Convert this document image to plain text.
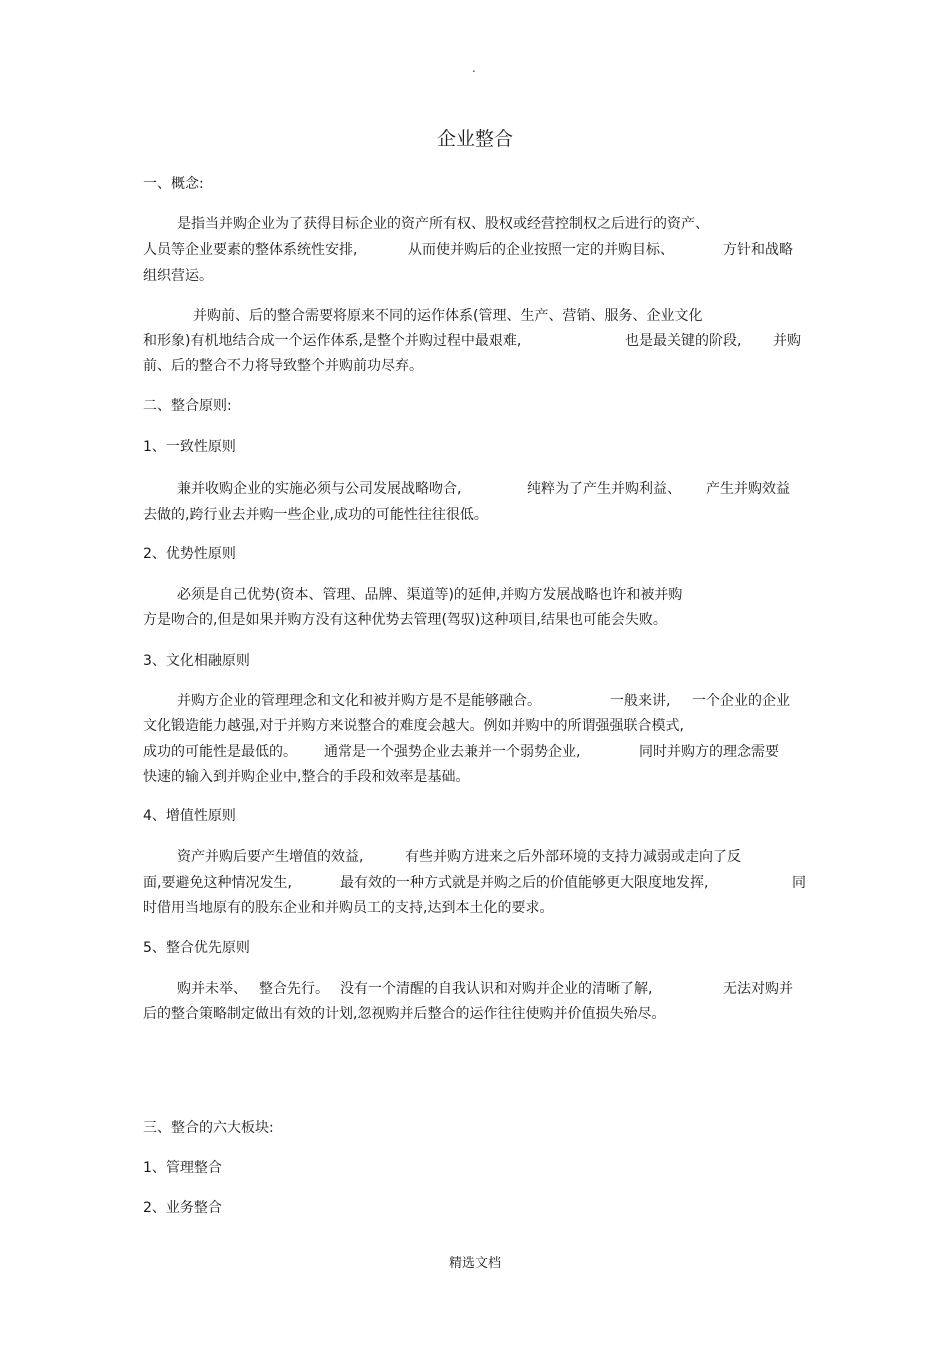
.
企业整合
一、概念:
是指当并购企业为了获得目标企业的资产所有权、股权或经营控制权之后进行的资产、
人员等企业要素的整体系统性安排,	从而使并购后的企业按照一定的并购目标、	方针和战略
组织营运。
并购前、后的整合需要将原来不同的运作体系(管理、生产、营销、服务、企业文化
和形象)有机地结合成一个运作体系,是整个并购过程中最艰难,	也是最关键的阶段, 并购
前、后的整合不力将导致整个并购前功尽弃。
二、整合原则:
1、一致性原则
兼并收购企业的实施必须与公司发展战略吻合,	纯粹为了产生并购利益、 产生并购效益
去做的,跨行业去并购一些企业,成功的可能性往往很低。
2、优势性原则
必须是自己优势(资本、管理、品牌、渠道等)的延伸,并购方发展战略也许和被并购
方是吻合的,但是如果并购方没有这种优势去管理(驾驭)这种项目,结果也可能会失败。
3、文化相融原则
并购方企业的管理理念和文化和被并购方是不是能够融合。	一般来讲, 一个企业的企业
文化锻造能力越强,对于并购方来说整合的难度会越大。例如并购中的所谓强强联合模式,
成功的可能性是最低的。 通常是一个强势企业去兼并一个弱势企业,	同时并购方的理念需要
快速的输入到并购企业中,整合的手段和效率是基础。
4、增值性原则
资产并购后要产生增值的效益,	有些并购方进来之后外部环境的支持力减弱或走向了反
面,要避免这种情况发生,	最有效的一种方式就是并购之后的价值能够更大限度地发挥,	同
时借用当地原有的股东企业和并购员工的支持,达到本土化的要求。
5、整合优先原则
购并未举、 整合先行。 没有一个清醒的自我认识和对购并企业的清晰了解,	无法对购并
后的整合策略制定做出有效的计划,忽视购并后整合的运作往往使购并价值损失殆尽。
三、整合的六大板块:
1、管理整合
2、业务整合
精选文档
